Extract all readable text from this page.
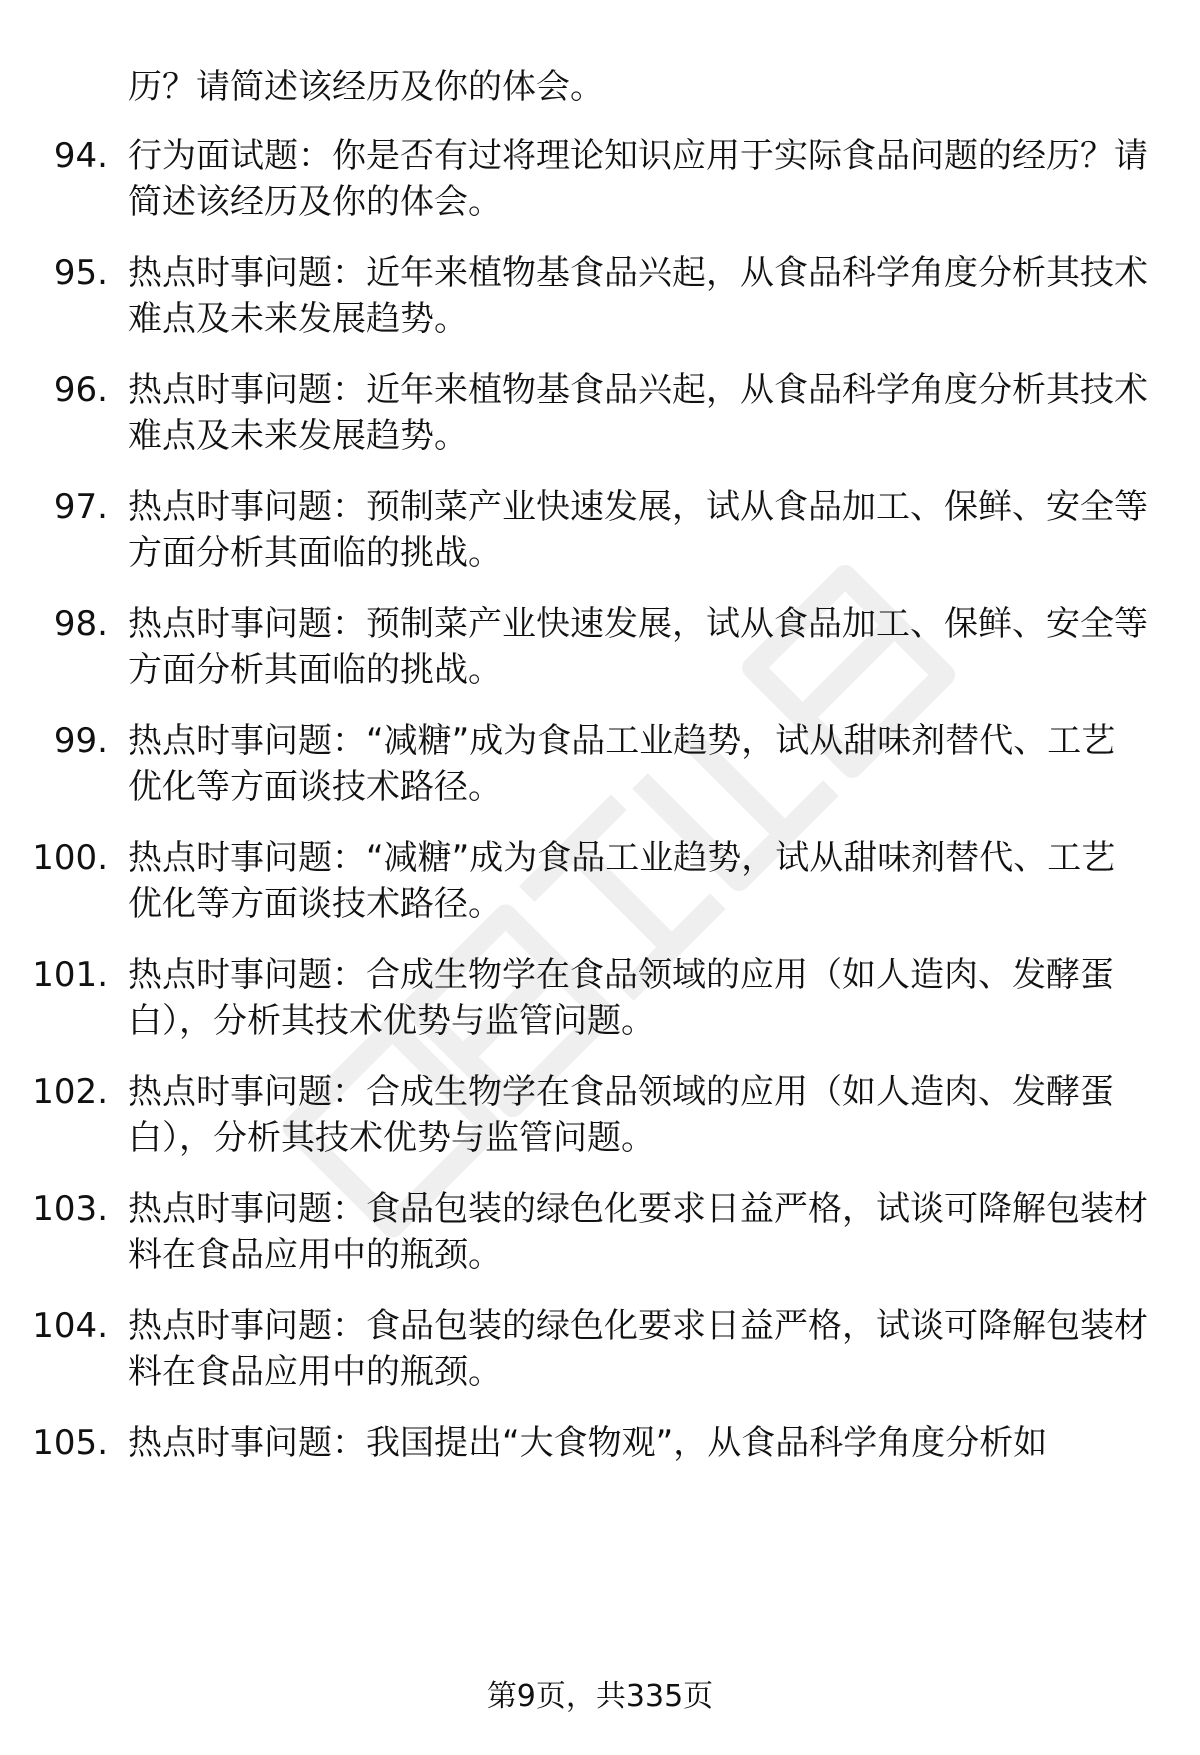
历？请简述该经历及你的体会。
94. 行为面试题：你是否有过将理论知识应用于实际食品问题的经历？请简述该经历及你的体会。
95. 热点时事问题：近年来植物基食品兴起，从食品科学角度分析其技术难点及未来发展趋势。
96. 热点时事问题：近年来植物基食品兴起，从食品科学角度分析其技术难点及未来发展趋势。
97. 热点时事问题：预制菜产业快速发展，试从食品加工、保鲜、安全等方面分析其面临的挑战。
98. 热点时事问题：预制菜产业快速发展，试从食品加工、保鲜、安全等方面分析其面临的挑战。
99. 热点时事问题：“减糖”成为食品工业趋势，试从甜味剂替代、工艺优化等方面谈技术路径。
100. 热点时事问题：“减糖”成为食品工业趋势，试从甜味剂替代、工艺优化等方面谈技术路径。
101. 热点时事问题：合成生物学在食品领域的应用（如人造肉、发酵蛋白），分析其技术优势与监管问题。
102. 热点时事问题：合成生物学在食品领域的应用（如人造肉、发酵蛋白），分析其技术优势与监管问题。
103. 热点时事问题：食品包装的绿色化要求日益严格，试谈可降解包装材料在食品应用中的瓶颈。
104. 热点时事问题：食品包装的绿色化要求日益严格，试谈可降解包装材料在食品应用中的瓶颈。
105. 热点时事问题：我国提出“大食物观”，从食品科学角度分析如
第9页，共335页
